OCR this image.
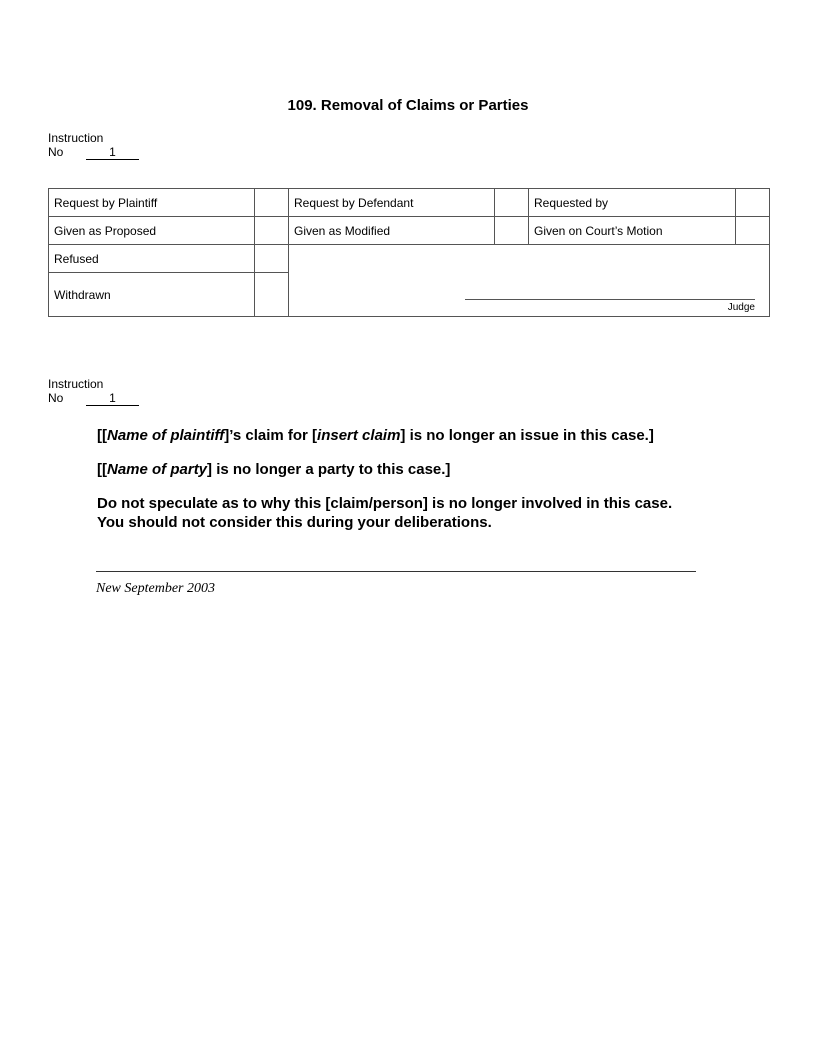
109. Removal of Claims or Parties
Instruction
No	1
Request by Plaintiff		Request by Defendant		Requested by	
Given as Proposed		Given as Modified		Given on Court’s Motion	
Refused		Judge			

Withdrawn					
Instruction
No	1

[[Name of plaintiff]’s claim for [insert claim] is no longer an issue in this case.]

[[Name of party] is no longer a party to this case.]

Do not speculate as to why this [claim/person] is no longer involved in this case.
You should not consider this during your deliberations.

New September 2003
